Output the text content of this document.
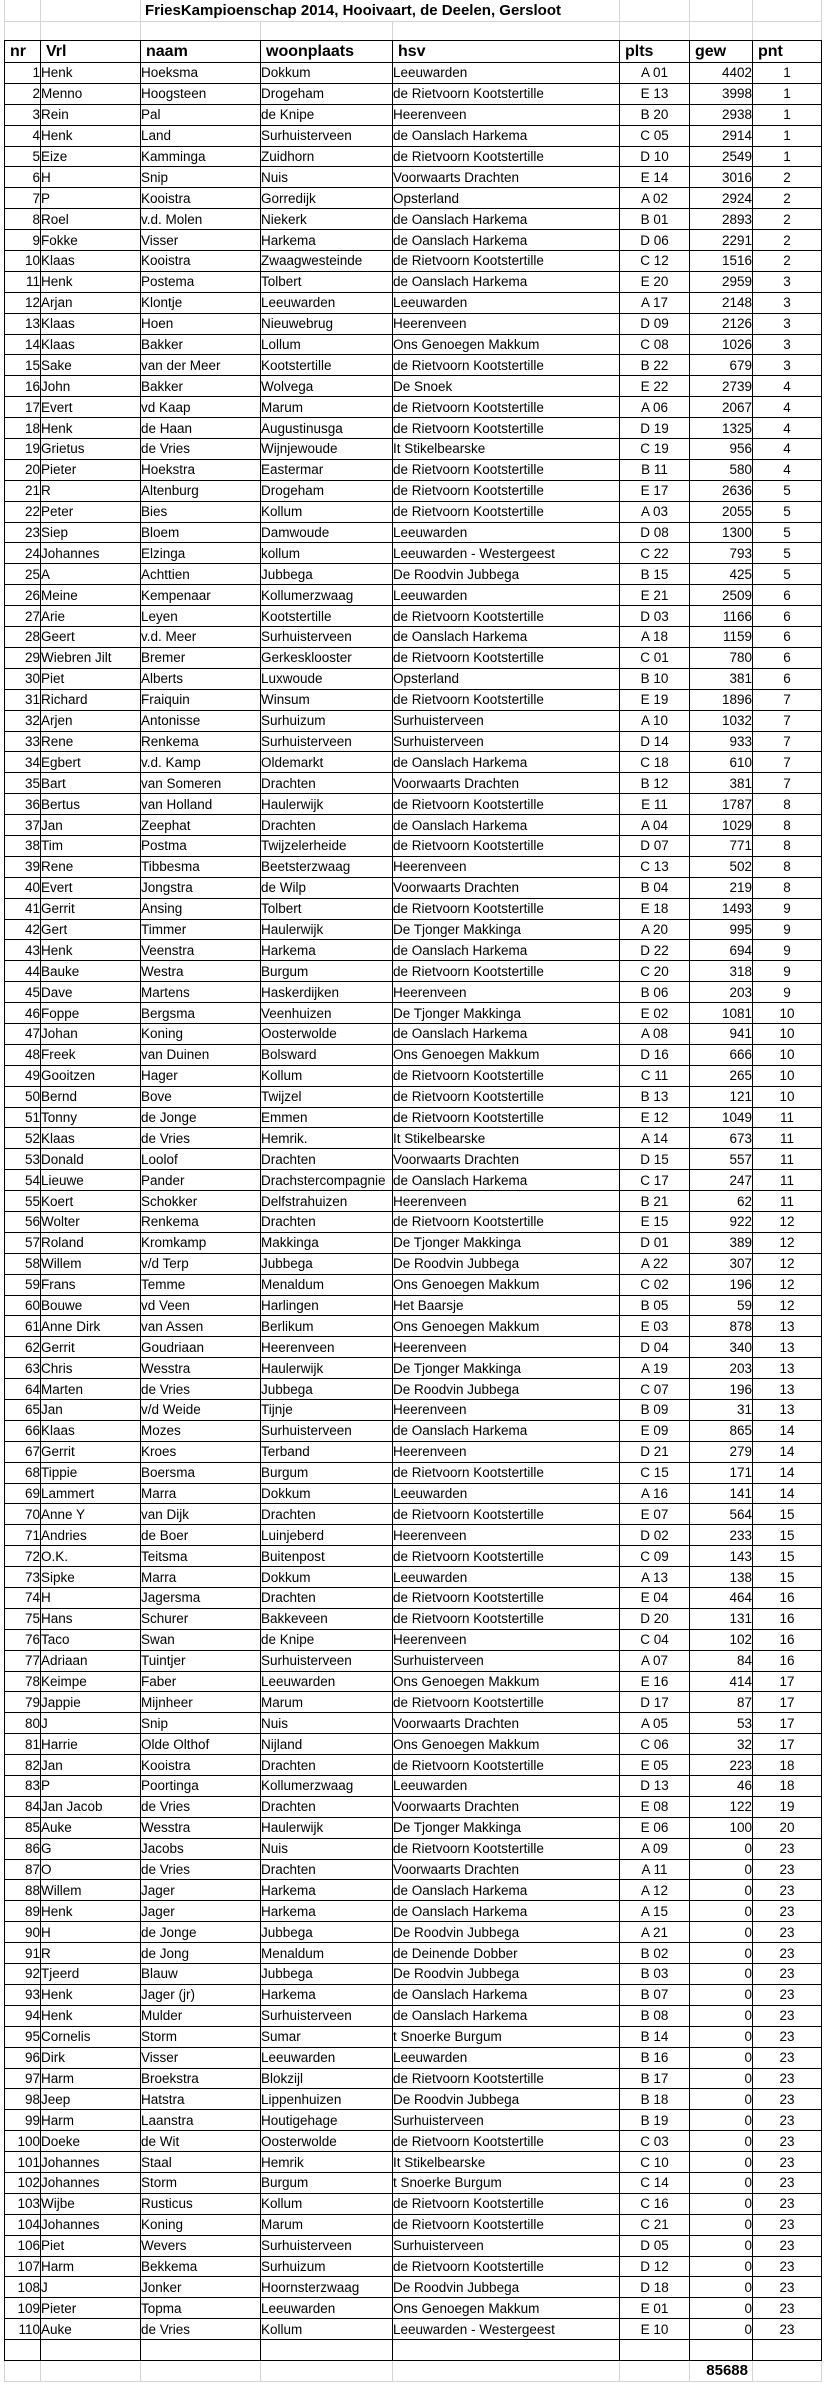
FriesKampioenschap 2014, Hooivaart, de Deelen, Gersloot
nr	Vrl	naam	woonplaats	hsv	plts	gew	pnt
1	Henk	Hoeksma	Dokkum	Leeuwarden	A 01	4402	1
2	Menno	Hoogsteen	Drogeham	de Rietvoorn Kootstertille	E 13	3998	1
3	Rein	Pal	de Knipe	Heerenveen	B 20	2938	1
4	Henk	Land	Surhuisterveen	de Oanslach Harkema	C 05	2914	1
5	Eize	Kamminga	Zuidhorn	de Rietvoorn Kootstertille	D 10	2549	1
6	H	Snip	Nuis	Voorwaarts Drachten	E 14	3016	2
7	P	Kooistra	Gorredijk	Opsterland	A 02	2924	2
8	Roel	v.d. Molen	Niekerk	de Oanslach Harkema	B 01	2893	2
9	Fokke	Visser	Harkema	de Oanslach Harkema	D 06	2291	2
10	Klaas	Kooistra	Zwaagwesteinde	de Rietvoorn Kootstertille	C 12	1516	2
11	Henk	Postema	Tolbert	de Oanslach Harkema	E 20	2959	3
12	Arjan	Klontje	Leeuwarden	Leeuwarden	A 17	2148	3
13	Klaas	Hoen	Nieuwebrug	Heerenveen	D 09	2126	3
14	Klaas	Bakker	Lollum	Ons Genoegen Makkum	C 08	1026	3
15	Sake	van der Meer	Kootstertille	de Rietvoorn Kootstertille	B 22	679	3
16	John	Bakker	Wolvega	De Snoek	E 22	2739	4
17	Evert	vd Kaap	Marum	de Rietvoorn Kootstertille	A 06	2067	4
18	Henk	de Haan	Augustinusga	de Rietvoorn Kootstertille	D 19	1325	4
19	Grietus	de Vries	Wijnjewoude	It Stikelbearske	C 19	956	4
20	Pieter	Hoekstra	Eastermar	de Rietvoorn Kootstertille	B 11	580	4
21	R	Altenburg	Drogeham	de Rietvoorn Kootstertille	E 17	2636	5
22	Peter	Bies	Kollum	de Rietvoorn Kootstertille	A 03	2055	5
23	Siep	Bloem	Damwoude	Leeuwarden	D 08	1300	5
24	Johannes	Elzinga	kollum	Leeuwarden - Westergeest	C 22	793	5
25	A	Achttien	Jubbega	De Roodvin Jubbega	B 15	425	5
26	Meine	Kempenaar	Kollumerzwaag	Leeuwarden	E 21	2509	6
27	Arie	Leyen	Kootstertille	de Rietvoorn Kootstertille	D 03	1166	6
28	Geert	v.d. Meer	Surhuisterveen	de Oanslach Harkema	A 18	1159	6
29	Wiebren Jilt	Bremer	Gerkesklooster	de Rietvoorn Kootstertille	C 01	780	6
30	Piet	Alberts	Luxwoude	Opsterland	B 10	381	6
31	Richard	Fraiquin	Winsum	de Rietvoorn Kootstertille	E 19	1896	7
32	Arjen	Antonisse	Surhuizum	Surhuisterveen	A 10	1032	7
33	Rene	Renkema	Surhuisterveen	Surhuisterveen	D 14	933	7
34	Egbert	v.d. Kamp	Oldemarkt	de Oanslach Harkema	C 18	610	7
35	Bart	van Someren	Drachten	Voorwaarts Drachten	B 12	381	7
36	Bertus	van Holland	Haulerwijk	de Rietvoorn Kootstertille	E 11	1787	8
37	Jan	Zeephat	Drachten	de Oanslach Harkema	A 04	1029	8
38	Tim	Postma	Twijzelerheide	de Rietvoorn Kootstertille	D 07	771	8
39	Rene	Tibbesma	Beetsterzwaag	Heerenveen	C 13	502	8
40	Evert	Jongstra	de Wilp	Voorwaarts Drachten	B 04	219	8
41	Gerrit	Ansing	Tolbert	de Rietvoorn Kootstertille	E 18	1493	9
42	Gert	Timmer	Haulerwijk	De Tjonger Makkinga	A 20	995	9
43	Henk	Veenstra	Harkema	de Oanslach Harkema	D 22	694	9
44	Bauke	Westra	Burgum	de Rietvoorn Kootstertille	C 20	318	9
45	Dave	Martens	Haskerdijken	Heerenveen	B 06	203	9
46	Foppe	Bergsma	Veenhuizen	De Tjonger Makkinga	E 02	1081	10
47	Johan	Koning	Oosterwolde	de Oanslach Harkema	A 08	941	10
48	Freek	van Duinen	Bolsward	Ons Genoegen Makkum	D 16	666	10
49	Gooitzen	Hager	Kollum	de Rietvoorn Kootstertille	C 11	265	10
50	Bernd	Bove	Twijzel	de Rietvoorn Kootstertille	B 13	121	10
51	Tonny	de Jonge	Emmen	de Rietvoorn Kootstertille	E 12	1049	11
52	Klaas	de Vries	Hemrik.	It Stikelbearske	A 14	673	11
53	Donald	Loolof	Drachten	Voorwaarts Drachten	D 15	557	11
54	Lieuwe	Pander	Drachstercompagnie	de Oanslach Harkema	C 17	247	11
55	Koert	Schokker	Delfstrahuizen	Heerenveen	B 21	62	11
56	Wolter	Renkema	Drachten	de Rietvoorn Kootstertille	E 15	922	12
57	Roland	Kromkamp	Makkinga	De Tjonger Makkinga	D 01	389	12
58	Willem	v/d Terp	Jubbega	De Roodvin Jubbega	A 22	307	12
59	Frans	Temme	Menaldum	Ons Genoegen Makkum	C 02	196	12
60	Bouwe	vd Veen	Harlingen	Het Baarsje	B 05	59	12
61	Anne Dirk	van Assen	Berlikum	Ons Genoegen Makkum	E 03	878	13
62	Gerrit	Goudriaan	Heerenveen	Heerenveen	D 04	340	13
63	Chris	Wesstra	Haulerwijk	De Tjonger Makkinga	A 19	203	13
64	Marten	de Vries	Jubbega	De Roodvin Jubbega	C 07	196	13
65	Jan	v/d Weide	Tijnje	Heerenveen	B 09	31	13
66	Klaas	Mozes	Surhuisterveen	de Oanslach Harkema	E 09	865	14
67	Gerrit	Kroes	Terband	Heerenveen	D 21	279	14
68	Tippie	Boersma	Burgum	de Rietvoorn Kootstertille	C 15	171	14
69	Lammert	Marra	Dokkum	Leeuwarden	A 16	141	14
70	Anne Y	van Dijk	Drachten	de Rietvoorn Kootstertille	E 07	564	15
71	Andries	de Boer	Luinjeberd	Heerenveen	D 02	233	15
72	O.K.	Teitsma	Buitenpost	de Rietvoorn Kootstertille	C 09	143	15
73	Sipke	Marra	Dokkum	Leeuwarden	A 13	138	15
74	H	Jagersma	Drachten	de Rietvoorn Kootstertille	E 04	464	16
75	Hans	Schurer	Bakkeveen	de Rietvoorn Kootstertille	D 20	131	16
76	Taco	Swan	de Knipe	Heerenveen	C 04	102	16
77	Adriaan	Tuintjer	Surhuisterveen	Surhuisterveen	A 07	84	16
78	Keimpe	Faber	Leeuwarden	Ons Genoegen Makkum	E 16	414	17
79	Jappie	Mijnheer	Marum	de Rietvoorn Kootstertille	D 17	87	17
80	J	Snip	Nuis	Voorwaarts Drachten	A 05	53	17
81	Harrie	Olde Olthof	Nijland	Ons Genoegen Makkum	C 06	32	17
82	Jan	Kooistra	Drachten	de Rietvoorn Kootstertille	E 05	223	18
83	P	Poortinga	Kollumerzwaag	Leeuwarden	D 13	46	18
84	Jan Jacob	de Vries	Drachten	Voorwaarts Drachten	E 08	122	19
85	Auke	Wesstra	Haulerwijk	De Tjonger Makkinga	E 06	100	20
86	G	Jacobs	Nuis	de Rietvoorn Kootstertille	A 09	0	23
87	O	de Vries	Drachten	Voorwaarts Drachten	A 11	0	23
88	Willem	Jager	Harkema	de Oanslach Harkema	A 12	0	23
89	Henk	Jager	Harkema	de Oanslach Harkema	A 15	0	23
90	H	de Jonge	Jubbega	De Roodvin Jubbega	A 21	0	23
91	R	de Jong	Menaldum	de Deinende Dobber	B 02	0	23
92	Tjeerd	Blauw	Jubbega	De Roodvin Jubbega	B 03	0	23
93	Henk	Jager (jr)	Harkema	de Oanslach Harkema	B 07	0	23
94	Henk	Mulder	Surhuisterveen	de Oanslach Harkema	B 08	0	23
95	Cornelis	Storm	Sumar	t Snoerke Burgum	B 14	0	23
96	Dirk	Visser	Leeuwarden	Leeuwarden	B 16	0	23
97	Harm	Broekstra	Blokzijl	de Rietvoorn Kootstertille	B 17	0	23
98	Jeep	Hatstra	Lippenhuizen	De Roodvin Jubbega	B 18	0	23
99	Harm	Laanstra	Houtigehage	Surhuisterveen	B 19	0	23
100	Doeke	de Wit	Oosterwolde	de Rietvoorn Kootstertille	C 03	0	23
101	Johannes	Staal	Hemrik	It Stikelbearske	C 10	0	23
102	Johannes	Storm	Burgum	t Snoerke Burgum	C 14	0	23
103	Wijbe	Rusticus	Kollum	de Rietvoorn Kootstertille	C 16	0	23
104	Johannes	Koning	Marum	de Rietvoorn Kootstertille	C 21	0	23
106	Piet	Wevers	Surhuisterveen	Surhuisterveen	D 05	0	23
107	Harm	Bekkema	Surhuizum	de Rietvoorn Kootstertille	D 12	0	23
108	J	Jonker	Hoornsterzwaag	De Roodvin Jubbega	D 18	0	23
109	Pieter	Topma	Leeuwarden	Ons Genoegen Makkum	E 01	0	23
110	Auke	de Vries	Kollum	Leeuwarden - Westergeest	E 10	0	23

85688
